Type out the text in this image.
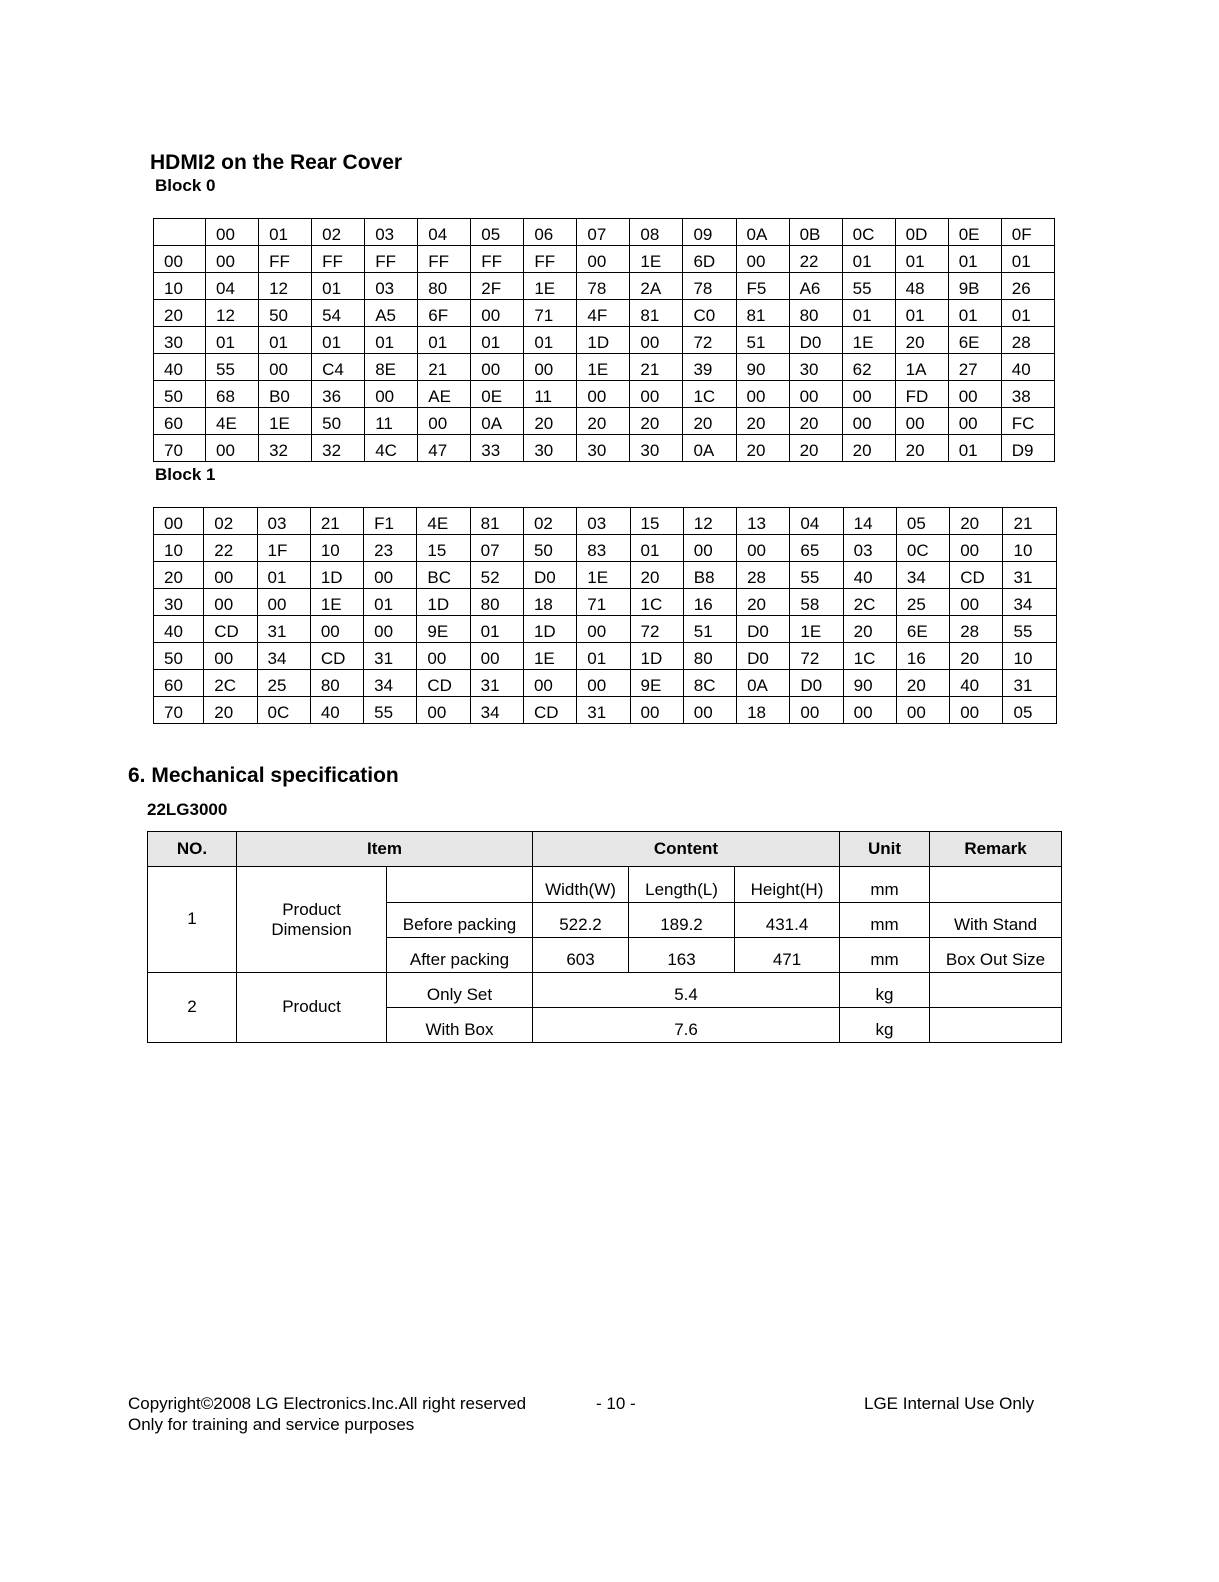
HDMI2 on the Rear Cover
Block 0
	00	01	02	03	04	05	06	07	08	09	0A	0B	0C	0D	0E	0F
00	00	FF	FF	FF	FF	FF	FF	00	1E	6D	00	22	01	01	01	01
10	04	12	01	03	80	2F	1E	78	2A	78	F5	A6	55	48	9B	26
20	12	50	54	A5	6F	00	71	4F	81	C0	81	80	01	01	01	01
30	01	01	01	01	01	01	01	1D	00	72	51	D0	1E	20	6E	28
40	55	00	C4	8E	21	00	00	1E	21	39	90	30	62	1A	27	40
50	68	B0	36	00	AE	0E	11	00	00	1C	00	00	00	FD	00	38
60	4E	1E	50	11	00	0A	20	20	20	20	20	20	00	00	00	FC
70	00	32	32	4C	47	33	30	30	30	0A	20	20	20	20	01	D9
Block 1
00	02	03	21	F1	4E	81	02	03	15	12	13	04	14	05	20	21
10	22	1F	10	23	15	07	50	83	01	00	00	65	03	0C	00	10
20	00	01	1D	00	BC	52	D0	1E	20	B8	28	55	40	34	CD	31
30	00	00	1E	01	1D	80	18	71	1C	16	20	58	2C	25	00	34
40	CD	31	00	00	9E	01	1D	00	72	51	D0	1E	20	6E	28	55
50	00	34	CD	31	00	00	1E	01	1D	80	D0	72	1C	16	20	10
60	2C	25	80	34	CD	31	00	00	9E	8C	0A	D0	90	20	40	31
70	20	0C	40	55	00	34	CD	31	00	00	18	00	00	00	00	05
6. Mechanical specification
22LG3000
NO.	Item		Content			Unit	Remark
1	Product Dimension		Width(W)	Length(L)	Height(H)	mm	
		Before packing	522.2	189.2	431.4	mm	With Stand
		After packing	603	163	471	mm	Box Out Size
2	Product	Only Set	5.4			kg	
		With Box	7.6			kg	
Copyright©2008 LG Electronics.Inc.All right reserved	- 10 -	LGE Internal Use Only
Only for training and service purposes
